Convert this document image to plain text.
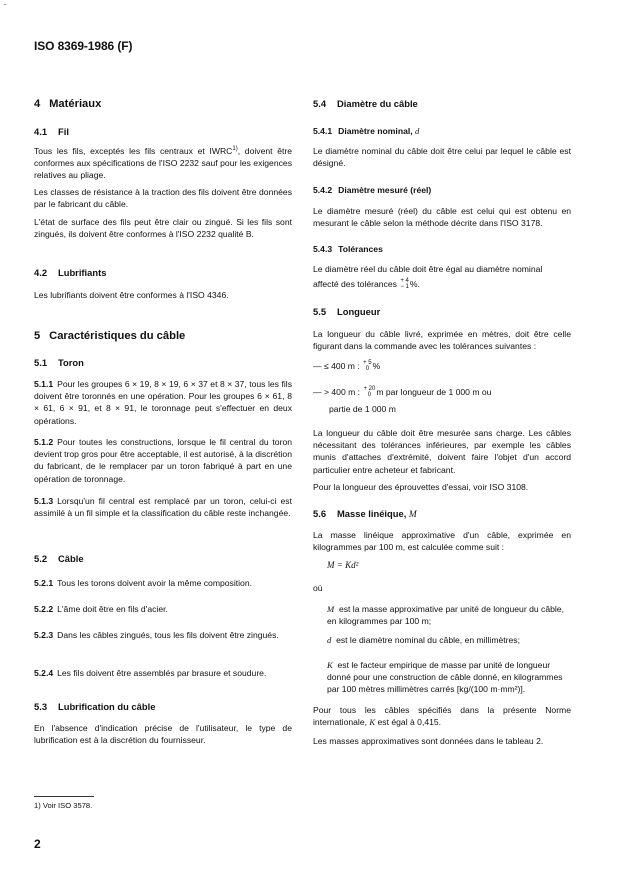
˘
ISO 8369-1986 (F)
4 Matériaux
4.1 Fil

Tous les fils, exceptés les fils centraux et IWRC$^{1)}$, doivent être conformes aux spécifications de l'ISO 2232 sauf pour les exigences relatives au pliage.

Les classes de résistance à la traction des fils doivent être données par le fabricant du câble.

L'état de surface des fils peut être clair ou zingué. Si les fils sont zingués, ils doivent être conformes à l'ISO 2232 qualité B.

4.2 Lubrifiants

Les lubrifiants doivent être conformes à l'ISO 4346.

5 Caractéristiques du câble
5.1 Toron

5.1.1 Pour les groupes 6 × 19, 8 × 19, 6 × 37 et 8 × 37, tous les fils doivent être toronnés en une opération. Pour les groupes 6 × 61, 8 × 61, 6 × 91, et 8 × 91, le toronnage peut s'effectuer en deux opérations.

5.1.2 Pour toutes les constructions, lorsque le fil central du toron devient trop gros pour être acceptable, il est autorisé, à la discrétion du fabricant, de le remplacer par un toron fabriqué à part en une opération de toronnage.

5.1.3 Lorsqu'un fil central est remplacé par un toron, celui-ci est assimilé à un fil simple et la classification du câble reste inchangée.

5.2 Câble

5.2.1 Tous les torons doivent avoir la même composition.

5.2.2 L'âme doit être en fils d'acier.

5.2.3 Dans les câbles zingués, tous les fils doivent être zingués.

5.2.4 Les fils doivent être assemblés par brasure et soudure.

5.3 Lubrification du câble

En l'absence d'indication précise de l'utilisateur, le type de lubrification est à la discrétion du fournisseur.

5.4 Diamètre du câble
5.4.1 Diamètre nominal, d

Le diamètre nominal du câble doit être celui par lequel le câble est désigné.

5.4.2 Diamètre mesuré (réel)

Le diamètre mesuré (réel) du câble est celui qui est obtenu en mesurant le câble selon la méthode décrite dans l'ISO 3178.

5.4.3 Tolérances

Le diamètre réel du câble doit être égal au diamètre nominal

affecté des tolérances + 4
− 1 %.
5.5 Longueur

La longueur du câble livré, exprimée en mètres, doit être celle figurant dans la commande avec les tolérances suivantes :

— ≤ 400 m : + 5
0 %
— > 400 m : + 20
0 m par longueur de 1 000 m ou
partie de 1 000 m

La longueur du câble doit être mesurée sans charge. Les câbles nécessitant des tolérances inférieures, par exemple les câbles munis d'attaches d'extrémité, doivent faire l'objet d'un accord particulier entre acheteur et fabricant.

Pour la longueur des éprouvettes d'essai, voir ISO 3108.

5.6 Masse linéique, M

La masse linéique approximative d'un câble, exprimée en kilogrammes par 100 m, est calculée comme suit :

M = Kd²
où
M est la masse approximative par unité de longueur du câble, en kilogrammes par 100 m;
d est le diamètre nominal du câble, en millimètres;
K est le facteur empirique de masse par unité de longueur donné pour une construction de câble donné, en kilogrammes par 100 mètres millimètres carrés [kg/(100 m·mm²)].

Pour tous les câbles spécifiés dans la présente Norme internationale, K est égal à 0,415.

Les masses approximatives sont données dans le tableau 2.

1) Voir ISO 3578.
2
